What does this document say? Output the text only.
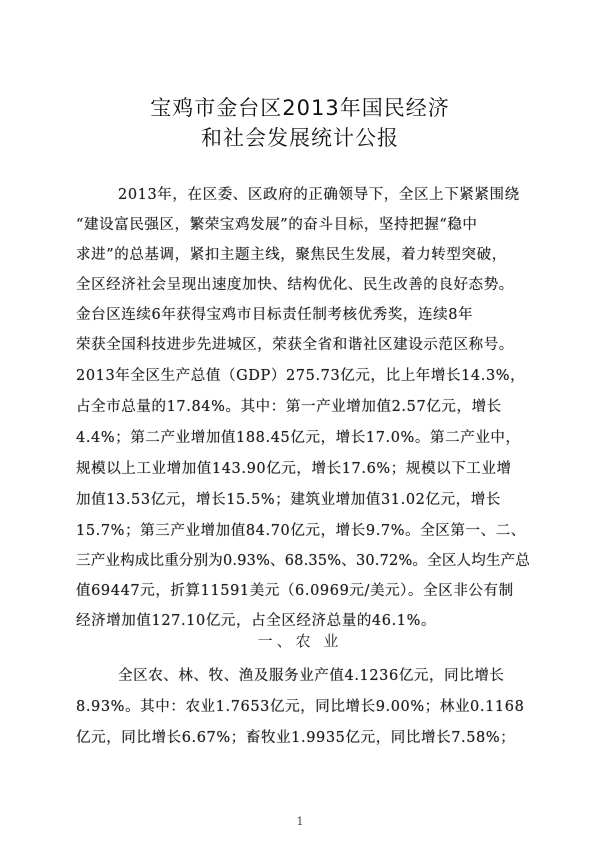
宝鸡市金台区2013年国民经济
和社会发展统计公报
2013年，在区委、区政府的正确领导下，全区上下紧紧围绕
“建设富民强区，繁荣宝鸡发展”的奋斗目标，坚持把握“稳中
求进”的总基调，紧扣主题主线，聚焦民生发展，着力转型突破，
全区经济社会呈现出速度加快、结构优化、民生改善的良好态势。
金台区连续6年获得宝鸡市目标责任制考核优秀奖，连续8年
荣获全国科技进步先进城区，荣获全省和谐社区建设示范区称号。
2013年全区生产总值（GDP）275.73亿元，比上年增长14.3%，
占全市总量的17.84%。其中：第一产业增加值2.57亿元，增长
4.4%；第二产业增加值188.45亿元，增长17.0%。第二产业中，
规模以上工业增加值143.90亿元，增长17.6%；规模以下工业增
加值13.53亿元，增长15.5%；建筑业增加值31.02亿元，增长
15.7%；第三产业增加值84.70亿元，增长9.7%。全区第一、二、
三产业构成比重分别为0.93%、68.35%、30.72%。全区人均生产总
值69447元，折算11591美元（6.0969元/美元）。全区非公有制
经济增加值127.10亿元，占全区经济总量的46.1%。
一、农 业
全区农、林、牧、渔及服务业产值4.1236亿元，同比增长
8.93%。其中：农业1.7653亿元，同比增长9.00%；林业0.1168
亿元，同比增长6.67%；畜牧业1.9935亿元，同比增长7.58%；
1
